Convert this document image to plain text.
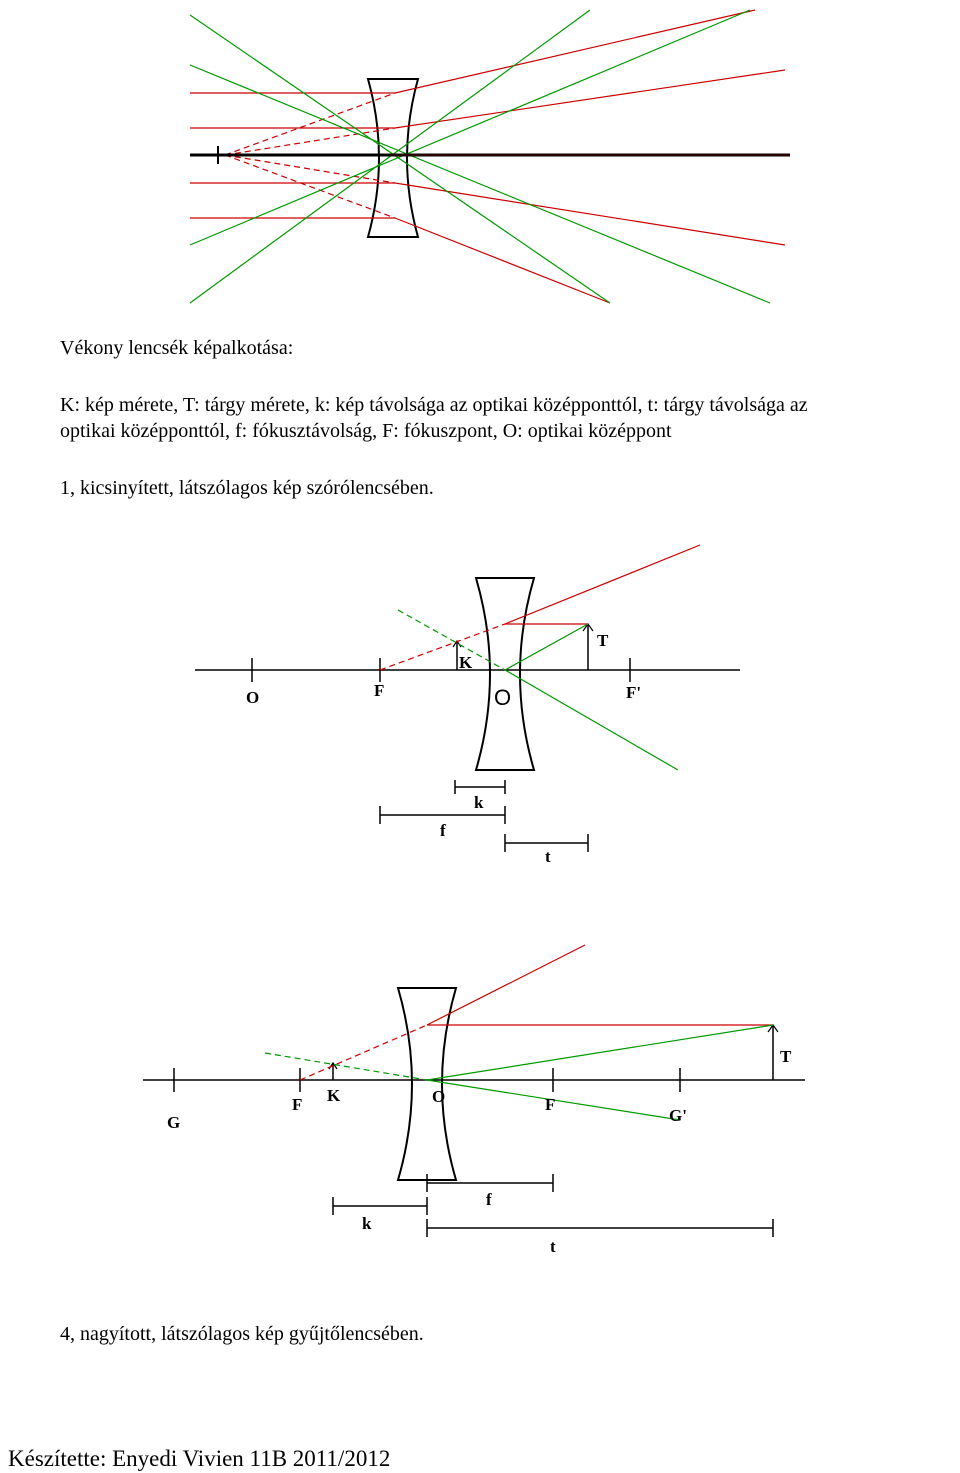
Vékony lencsék képalkotása:
K: kép mérete, T: tárgy mérete, k: kép távolsága az optikai középponttól, t: tárgy távolsága az
optikai középponttól, f: fókusztávolság, F: fókuszpont, O: optikai középpont
1, kicsinyített, látszólagos kép szórólencsében.
O	F
K
O
T
F'
k
f
t
G
F K	O	F
G'
T
f
k
t
4, nagyított, látszólagos kép gyűjtőlencsében.
Készítette: Enyedi Vivien 11B 2011/2012
